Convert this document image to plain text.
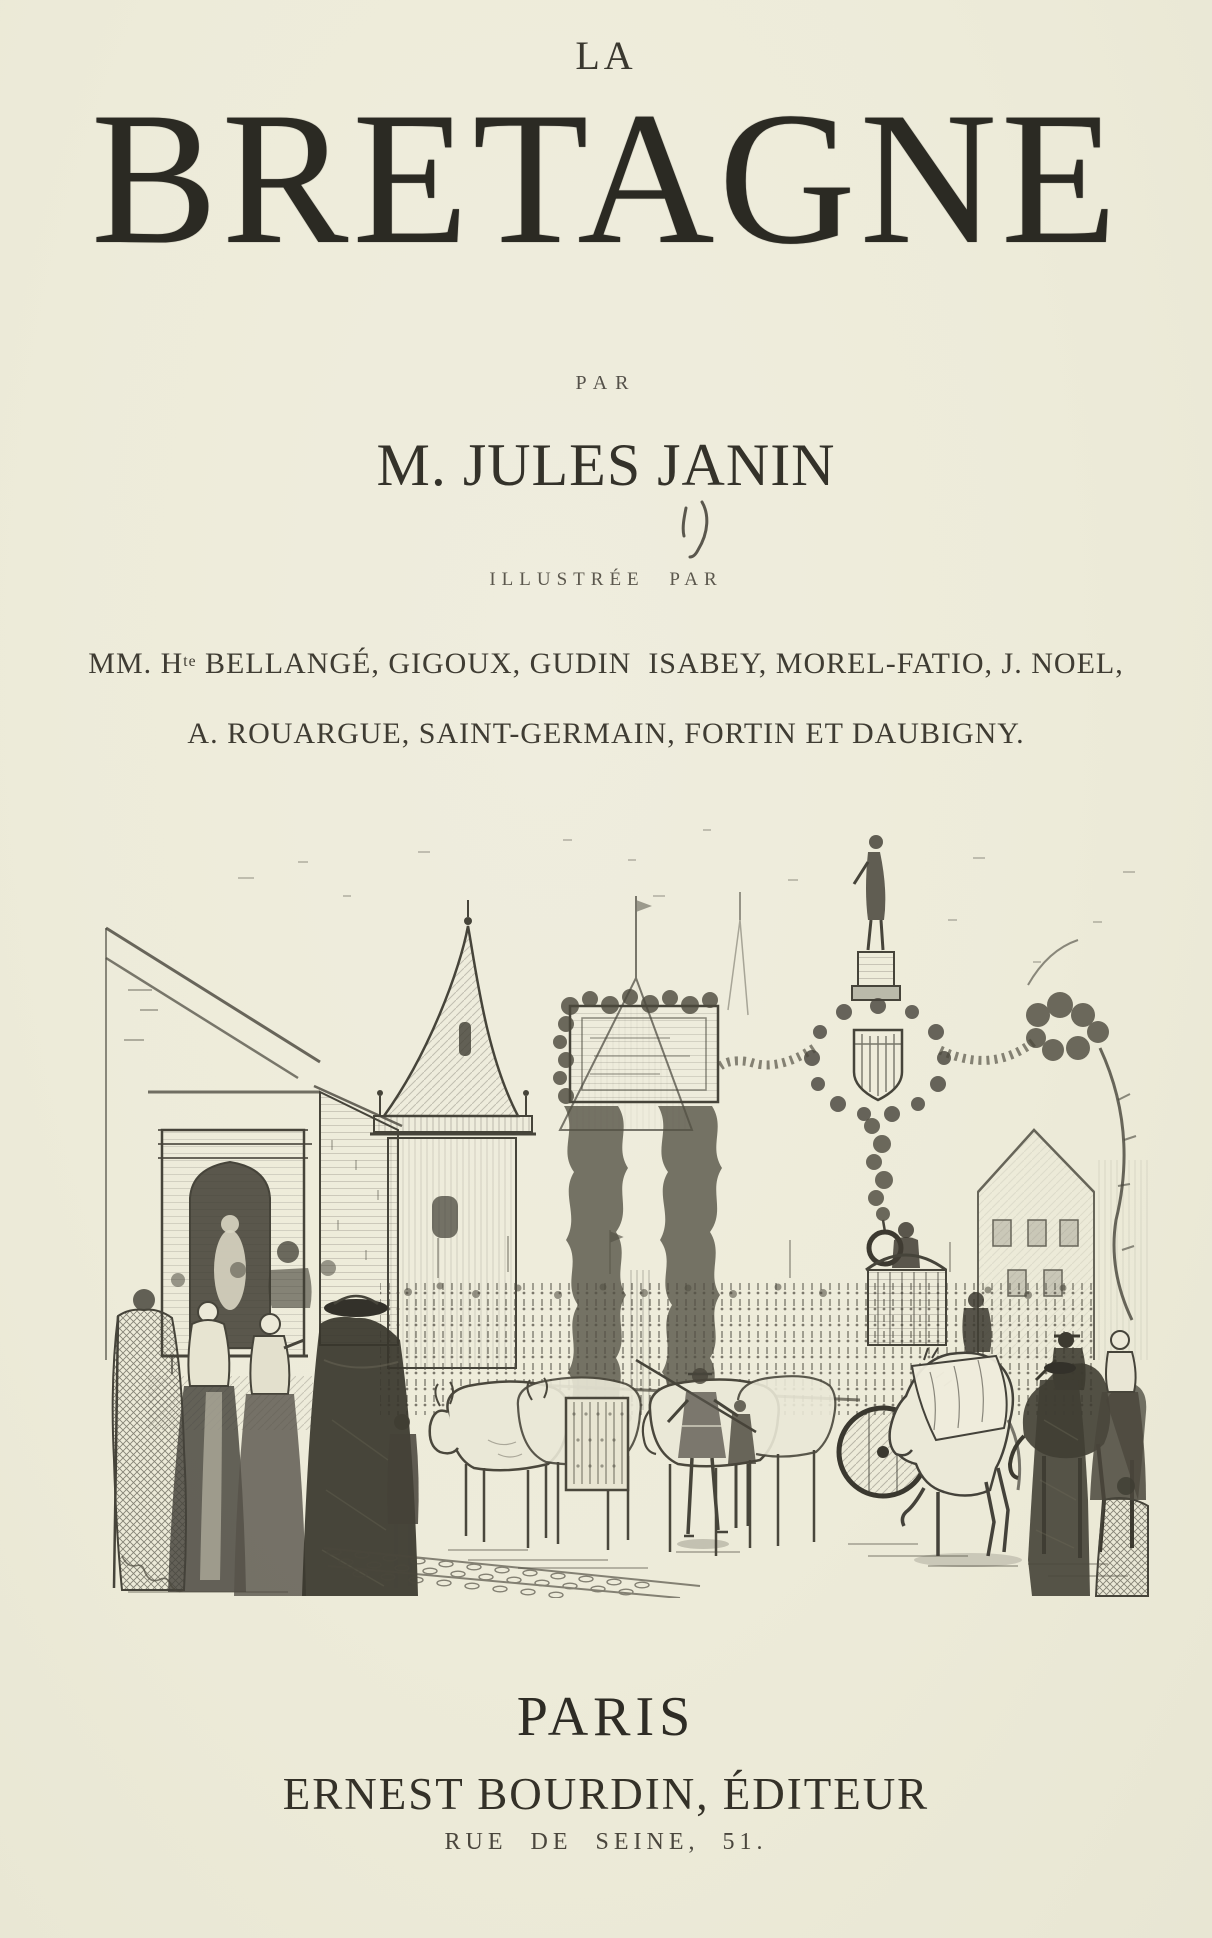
LA
BRETAGNE
PAR
M. JULES JANIN
ILLUSTRÉE PAR
MM. $H^{te}$ BELLANGÉ, GIGOUX, GUDIN  ISABEY, MOREL-FATIO, J. NOEL,
A. ROUARGUE, SAINT-GERMAIN, FORTIN ET DAUBIGNY.
PARIS
ERNEST BOURDIN, ÉDITEUR
RUE DE SEINE, 51.
